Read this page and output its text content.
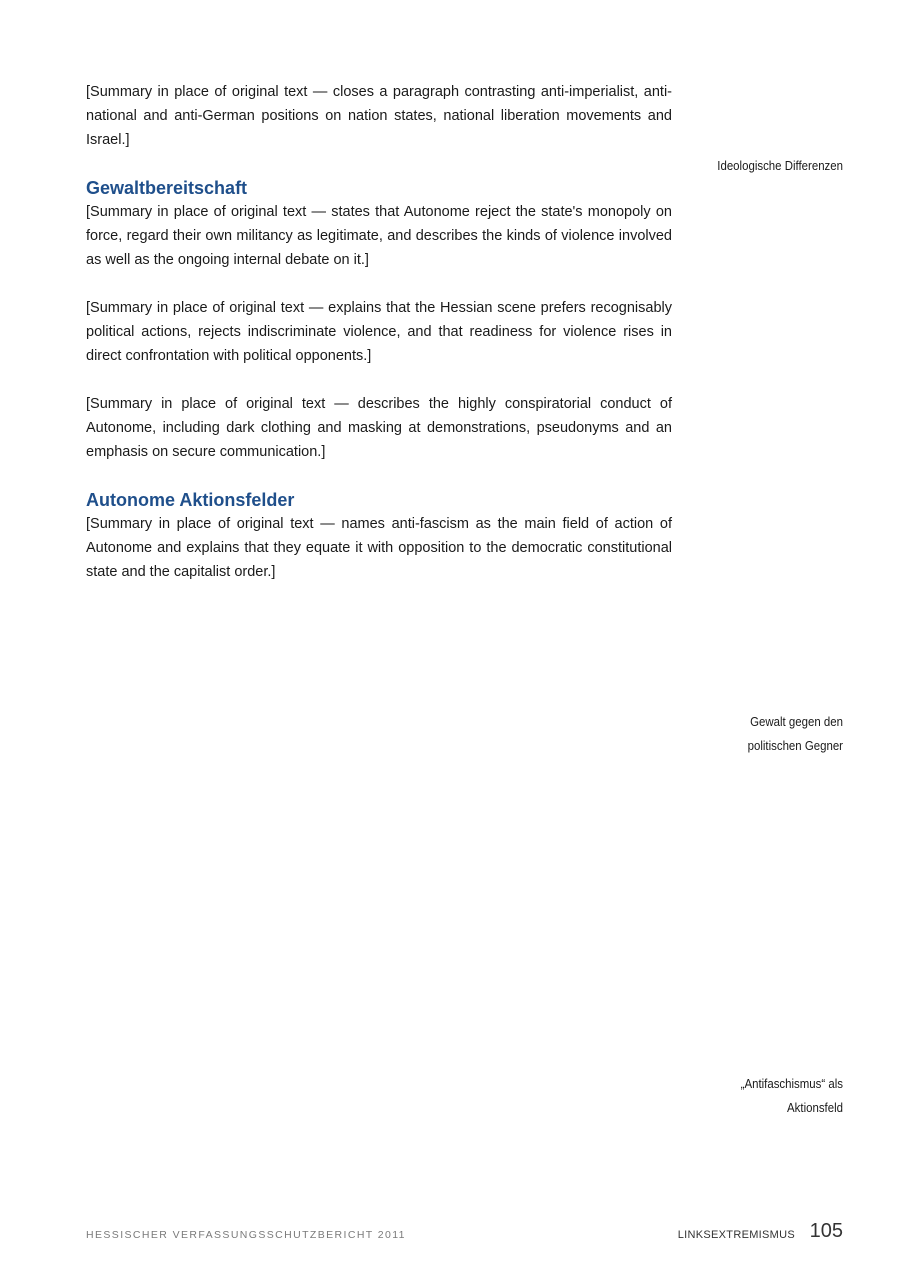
[Summary in place of original text — closes a paragraph contrasting anti-imperialist, anti-national and anti-German positions on nation states, national liberation movements and Israel.]

Gewaltbereitschaft

[Summary in place of original text — states that Autonome reject the state's monopoly on force, regard their own militancy as legitimate, and describes the kinds of violence involved as well as the ongoing internal debate on it.]

[Summary in place of original text — explains that the Hessian scene prefers recognisably political actions, rejects indiscriminate violence, and that readiness for violence rises in direct confrontation with political opponents.]

[Summary in place of original text — describes the highly conspiratorial conduct of Autonome, including dark clothing and masking at demonstrations, pseudonyms and an emphasis on secure communication.]

Autonome Aktionsfelder

[Summary in place of original text — names anti-fascism as the main field of action of Autonome and explains that they equate it with opposition to the democratic constitutional state and the capitalist order.]

Ideologische Differenzen
Gewalt gegen den
politischen Gegner
„Antifaschismus“ als
Aktionsfeld
HESSISCHER VERFASSUNGSSCHUTZBERICHT 2011	LINKSEXTREMISMUS 105
